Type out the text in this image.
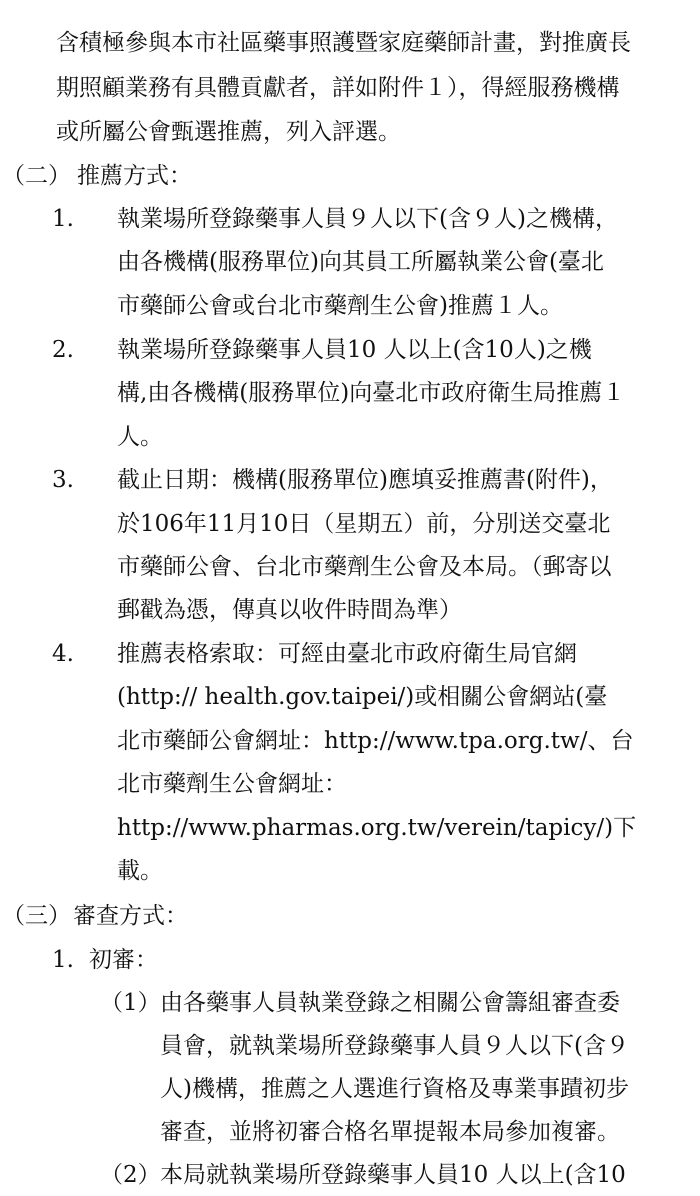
含積極參與本市社區藥事照護暨家庭藥師計畫，對推廣長
期照顧業務有具體貢獻者，詳如附件１），得經服務機構
或所屬公會甄選推薦，列入評選。
（二） 推薦方式：
1. 執業場所登錄藥事人員９人以下(含９人)之機構，
由各機構(服務單位)向其員工所屬執業公會(臺北
市藥師公會或台北市藥劑生公會)推薦１人。
2. 執業場所登錄藥事人員10 人以上(含10人)之機
構,由各機構(服務單位)向臺北市政府衛生局推薦１
人。
3. 截止日期：機構(服務單位)應填妥推薦書(附件)，
於106年11月10日（星期五）前，分別送交臺北
市藥師公會、台北市藥劑生公會及本局。（郵寄以
郵戳為憑，傳真以收件時間為準）
4. 推薦表格索取：可經由臺北市政府衛生局官網
(http:// health.gov.taipei/)或相關公會網站(臺
北市藥師公會網址：http://www.tpa.org.tw/、台
北市藥劑生公會網址：
http://www.pharmas.org.tw/verein/tapicy/)下
載。
（三） 審查方式：
1. 初審：
（1） 由各藥事人員執業登錄之相關公會籌組審查委
員會，就執業場所登錄藥事人員９人以下(含９
人)機構，推薦之人選進行資格及專業事蹟初步
審查，並將初審合格名單提報本局參加複審。
（2） 本局就執業場所登錄藥事人員10 人以上(含10
